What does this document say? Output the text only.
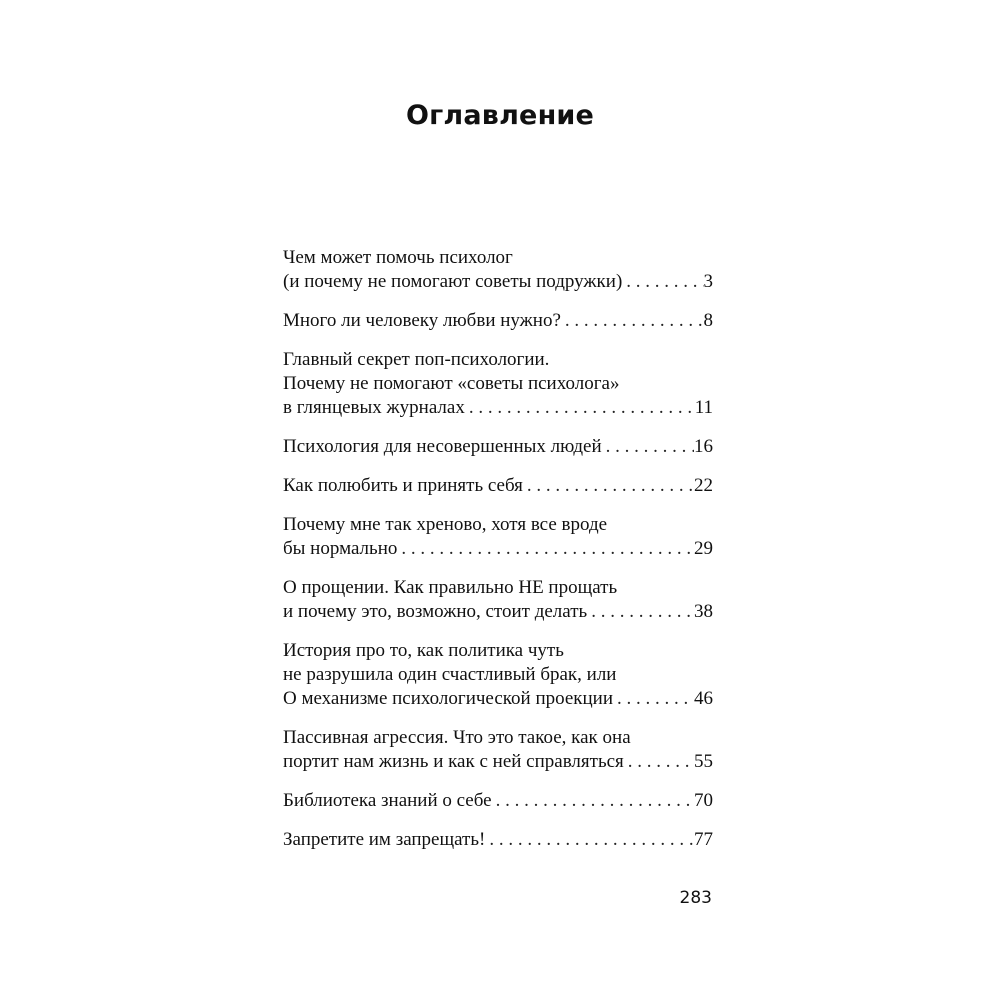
Оглавление
Чем может помочь психолог
(и почему не помогают советы подружки) . . .	3
Много ли человеку любви нужно? . . .	8
Главный секрет поп-психологии.
Почему не помогают «советы психолога»
в глянцевых журналах . . .	11
Психология для несовершенных людей . . .	16
Как полюбить и принять себя . . .	22
Почему мне так хреново, хотя все вроде
бы нормально . . .	29
О прощении. Как правильно НЕ прощать
и почему это, возможно, стоит делать . . .	38
История про то, как политика чуть
не разрушила один счастливый брак, или
О механизме психологической проекции . . .	46
Пассивная агрессия. Что это такое, как она
портит нам жизнь и как с ней справляться . . .	55
Библиотека знаний о себе . . .	70
Запретите им запрещать! . . .	77

283
